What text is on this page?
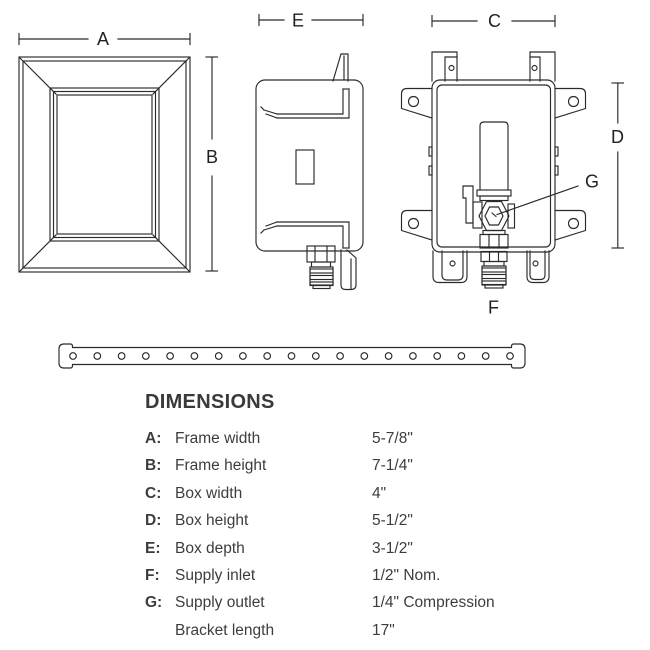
A
B
E	C
D
G
F
DIMENSIONS
A: Frame width	5-7/8"
B: Frame height	7-1/4"
C: Box width	4"
D: Box height	5-1/2"
E: Box depth	3-1/2"
F: Supply inlet	1/2" Nom.
G: Supply outlet	1/4" Compression
Bracket length	17"
